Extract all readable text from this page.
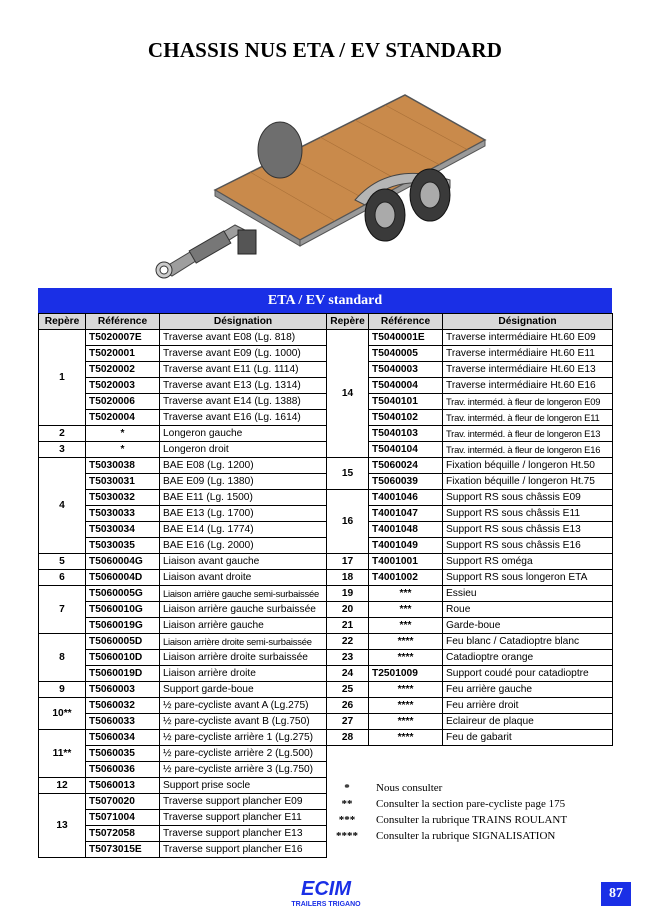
CHASSIS NUS ETA / EV STANDARD
ETA / EV standard
Repère	Référence	Désignation
1	T5020007E	Traverse avant E08 (Lg. 818)
	T5020001	Traverse avant E09 (Lg. 1000)
	T5020002	Traverse avant E11 (Lg. 1114)
	T5020003	Traverse avant E13 (Lg. 1314)
	T5020006	Traverse avant E14 (Lg. 1388)
	T5020004	Traverse avant E16 (Lg. 1614)
2	*	Longeron gauche
3	*	Longeron droit
4	T5030038	BAE E08 (Lg. 1200)
	T5030031	BAE E09 (Lg. 1380)
	T5030032	BAE E11 (Lg. 1500)
	T5030033	BAE E13 (Lg. 1700)
	T5030034	BAE E14 (Lg. 1774)
	T5030035	BAE E16 (Lg. 2000)
5	T5060004G	Liaison avant gauche
6	T5060004D	Liaison avant droite
7	T5060005G	Liaison arrière gauche semi-surbaissée
	T5060010G	Liaison arrière gauche surbaissée
	T5060019G	Liaison arrière gauche
8	T5060005D	Liaison arrière droite semi-surbaissée
	T5060010D	Liaison arrière droite surbaissée
	T5060019D	Liaison arrière droite
9	T5060003	Support garde-boue
10**	T5060032	½ pare-cycliste avant A (Lg.275)
	T5060033	½ pare-cycliste avant B (Lg.750)
11**	T5060034	½ pare-cycliste arrière 1 (Lg.275)
	T5060035	½ pare-cycliste arrière 2 (Lg.500)
	T5060036	½ pare-cycliste arrière 3 (Lg.750)
12	T5060013	Support prise socle
13	T5070020	Traverse support plancher E09
	T5071004	Traverse support plancher E11
	T5072058	Traverse support plancher E13
	T5073015E	Traverse support plancher E16
Repère	Référence	Désignation
14	T5040001E	Traverse intermédiaire Ht.60 E09
	T5040005	Traverse intermédiaire Ht.60 E11
	T5040003	Traverse intermédiaire Ht.60 E13
	T5040004	Traverse intermédiaire Ht.60 E16
	T5040101	Trav. interméd. à fleur de longeron E09
	T5040102	Trav. interméd. à fleur de longeron E11
	T5040103	Trav. interméd. à fleur de longeron E13
	T5040104	Trav. interméd. à fleur de longeron E16
15	T5060024	Fixation béquille / longeron Ht.50
	T5060039	Fixation béquille / longeron Ht.75
16	T4001046	Support RS sous châssis E09
	T4001047	Support RS sous châssis E11
	T4001048	Support RS sous châssis E13
	T4001049	Support RS sous châssis E16
17	T4001001	Support RS oméga
18	T4001002	Support RS sous longeron ETA
19	***	Essieu
20	***	Roue
21	***	Garde-boue
22	****	Feu blanc / Catadioptre blanc
23	****	Catadioptre orange
24	T2501009	Support coudé pour catadioptre
25	****	Feu arrière gauche
26	****	Feu arrière droit
27	****	Eclaireur de plaque
28	****	Feu de gabarit
*	Nous consulter
**	Consulter la section pare-cycliste page 175
***	Consulter la rubrique TRAINS ROULANT
****	Consulter la rubrique SIGNALISATION
ECIM
TRAILERS TRIGANO
87
